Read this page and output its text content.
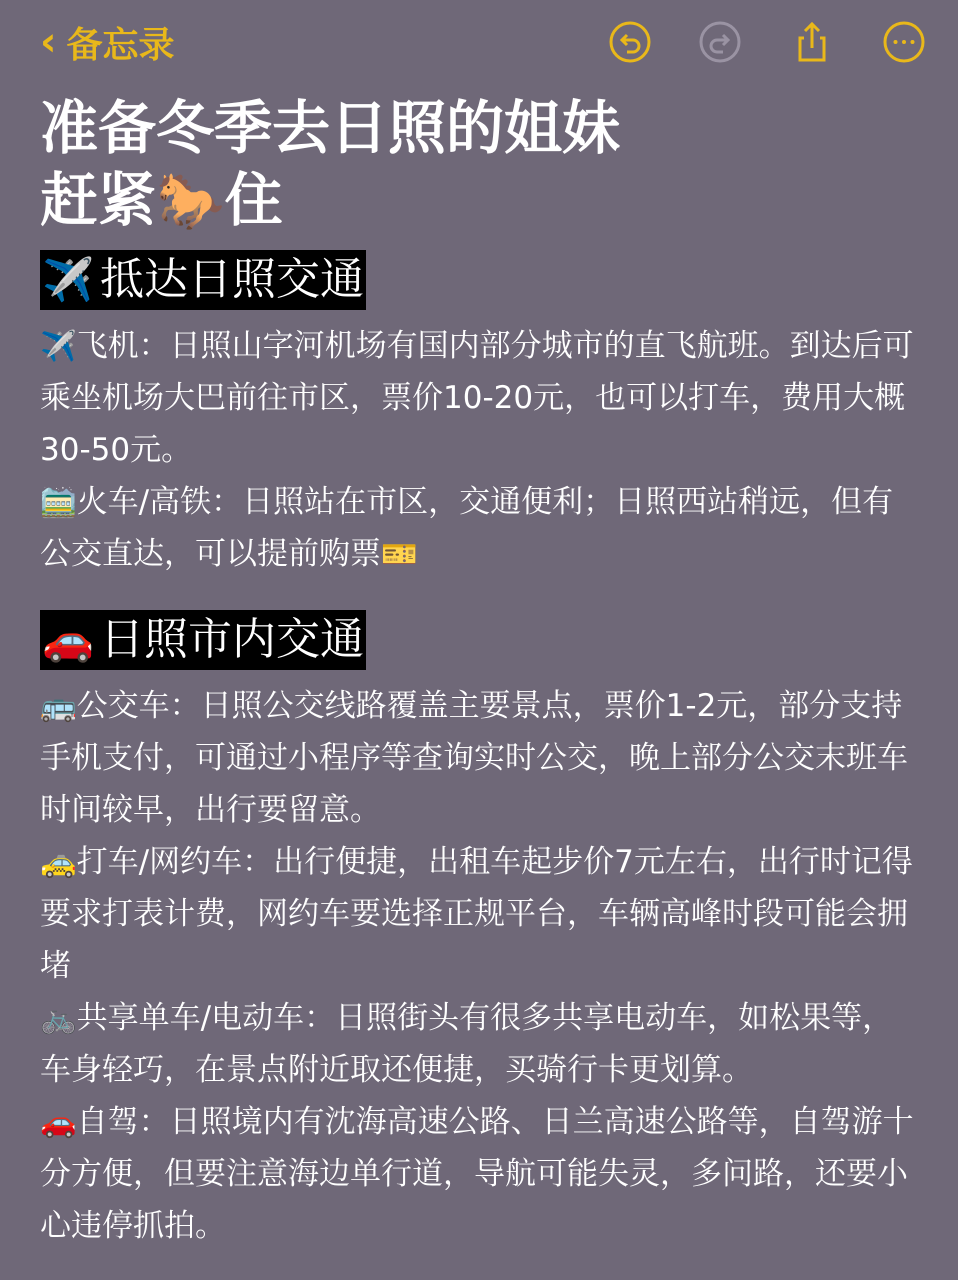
‹ 备忘录
准备冬季去日照的姐妹
赶紧🐎住
✈️ 抵达日照交通

✈️飞机：日照山字河机场有国内部分城市的直飞航班。到达后可乘坐机场大巴前往市区，票价10-20元，也可以打车，费用大概30-50元。

🚞火车/高铁：日照站在市区，交通便利；日照西站稍远，但有公交直达，可以提前购票🎫

🚗 日照市内交通

🚌公交车：日照公交线路覆盖主要景点，票价1-2元，部分支持手机支付，可通过小程序等查询实时公交，晚上部分公交末班车时间较早，出行要留意。

🚕打车/网约车：出行便捷，出租车起步价7元左右，出行时记得要求打表计费，网约车要选择正规平台，车辆高峰时段可能会拥堵

🚲共享单车/电动车：日照街头有很多共享电动车，如松果等，车身轻巧，在景点附近取还便捷，买骑行卡更划算。

🚗自驾：日照境内有沈海高速公路、日兰高速公路等，自驾游十分方便，但要注意海边单行道，导航可能失灵，多问路，还要小心违停抓拍。
